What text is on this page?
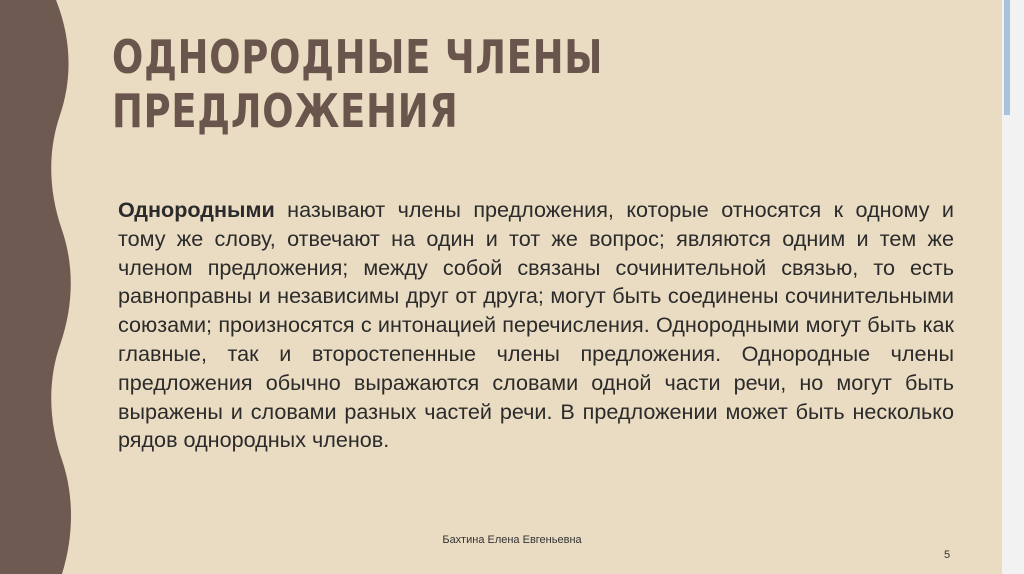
ОДНОРОДНЫЕ ЧЛЕНЫ
ПРЕДЛОЖЕНИЯ

Однородными называют члены предложения, которые относятся к одному и тому же слову, отвечают на один и тот же вопрос; являются одним и тем же членом предложения; между собой связаны сочинительной связью, то есть равноправны и независимы друг от друга; могут быть соединены сочинительными союзами; произносятся с интонацией перечисления. Однородными могут быть как главные, так и второстепенные члены предложения. Однородные члены предложения обычно выражаются словами одной части речи, но могут быть выражены и словами разных частей речи. В предложении может быть несколько рядов однородных членов.

Бахтина Елена Евгеньевна
5
